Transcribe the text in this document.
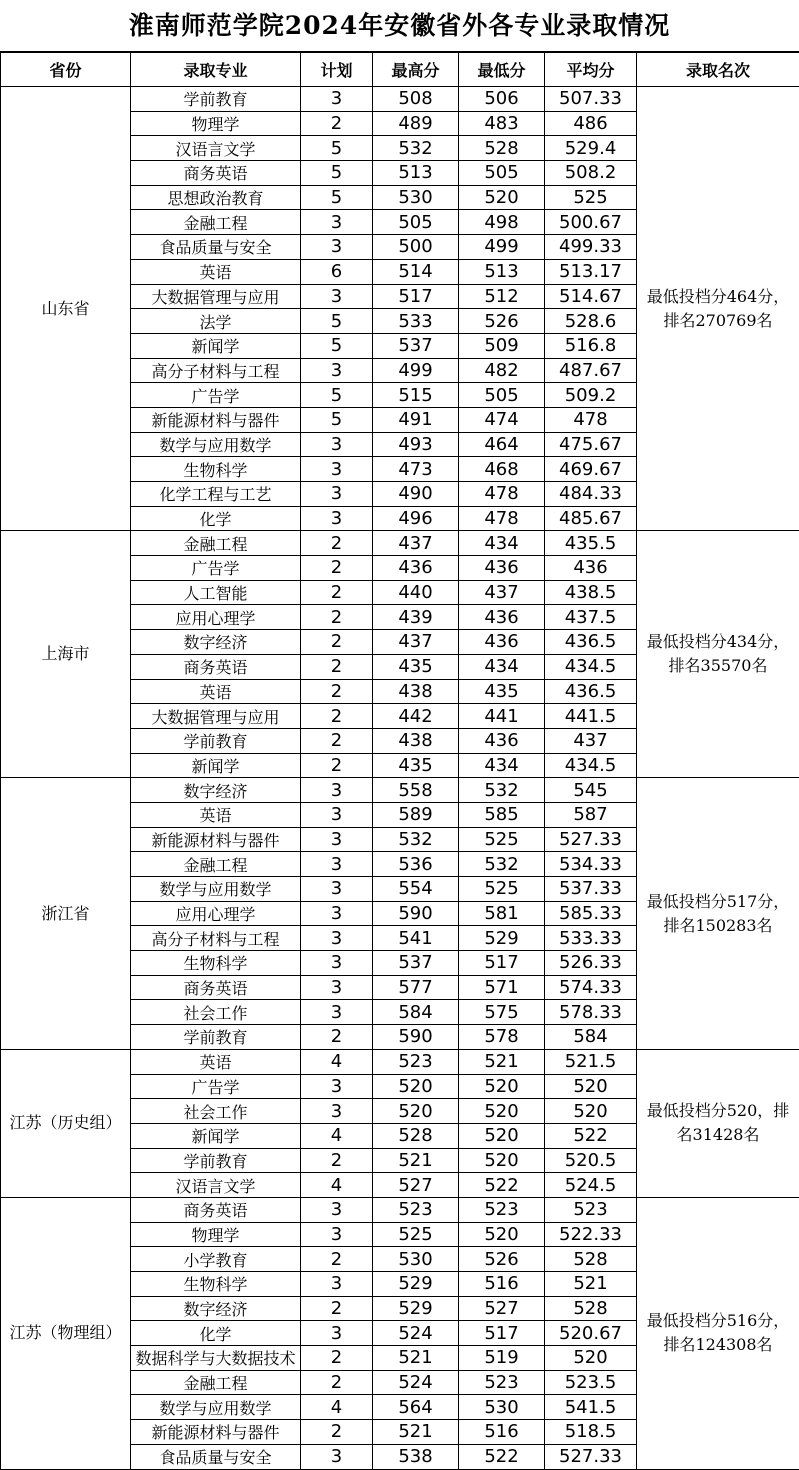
淮南师范学院2024年安徽省外各专业录取情况
省份	录取专业	计划	最高分	最低分	平均分	录取名次
山东省	学前教育	3	508	506	507.33	最低投档分464分，排名270769名
	物理学	2	489	483	486	
	汉语言文学	5	532	528	529.4	
	商务英语	5	513	505	508.2	
	思想政治教育	5	530	520	525	
	金融工程	3	505	498	500.67	
	食品质量与安全	3	500	499	499.33	
	英语	6	514	513	513.17	
	大数据管理与应用	3	517	512	514.67	
	法学	5	533	526	528.6	
	新闻学	5	537	509	516.8	
	高分子材料与工程	3	499	482	487.67	
	广告学	5	515	505	509.2	
	新能源材料与器件	5	491	474	478	
	数学与应用数学	3	493	464	475.67	
	生物科学	3	473	468	469.67	
	化学工程与工艺	3	490	478	484.33	
	化学	3	496	478	485.67	
上海市	金融工程	2	437	434	435.5	最低投档分434分，排名35570名
	广告学	2	436	436	436	
	人工智能	2	440	437	438.5	
	应用心理学	2	439	436	437.5	
	数字经济	2	437	436	436.5	
	商务英语	2	435	434	434.5	
	英语	2	438	435	436.5	
	大数据管理与应用	2	442	441	441.5	
	学前教育	2	438	436	437	
	新闻学	2	435	434	434.5	
浙江省	数字经济	3	558	532	545	最低投档分517分，排名150283名
	英语	3	589	585	587	
	新能源材料与器件	3	532	525	527.33	
	金融工程	3	536	532	534.33	
	数学与应用数学	3	554	525	537.33	
	应用心理学	3	590	581	585.33	
	高分子材料与工程	3	541	529	533.33	
	生物科学	3	537	517	526.33	
	商务英语	3	577	571	574.33	
	社会工作	3	584	575	578.33	
	学前教育	2	590	578	584	
江苏（历史组）	英语	4	523	521	521.5	最低投档分520，排名31428名
	广告学	3	520	520	520	
	社会工作	3	520	520	520	
	新闻学	4	528	520	522	
	学前教育	2	521	520	520.5	
	汉语言文学	4	527	522	524.5	
江苏（物理组）	商务英语	3	523	523	523	最低投档分516分，排名124308名
	物理学	3	525	520	522.33	
	小学教育	2	530	526	528	
	生物科学	3	529	516	521	
	数字经济	2	529	527	528	
	化学	3	524	517	520.67	
	数据科学与大数据技术	2	521	519	520	
	金融工程	2	524	523	523.5	
	数学与应用数学	4	564	530	541.5	
	新能源材料与器件	2	521	516	518.5	
	食品质量与安全	3	538	522	527.33	
